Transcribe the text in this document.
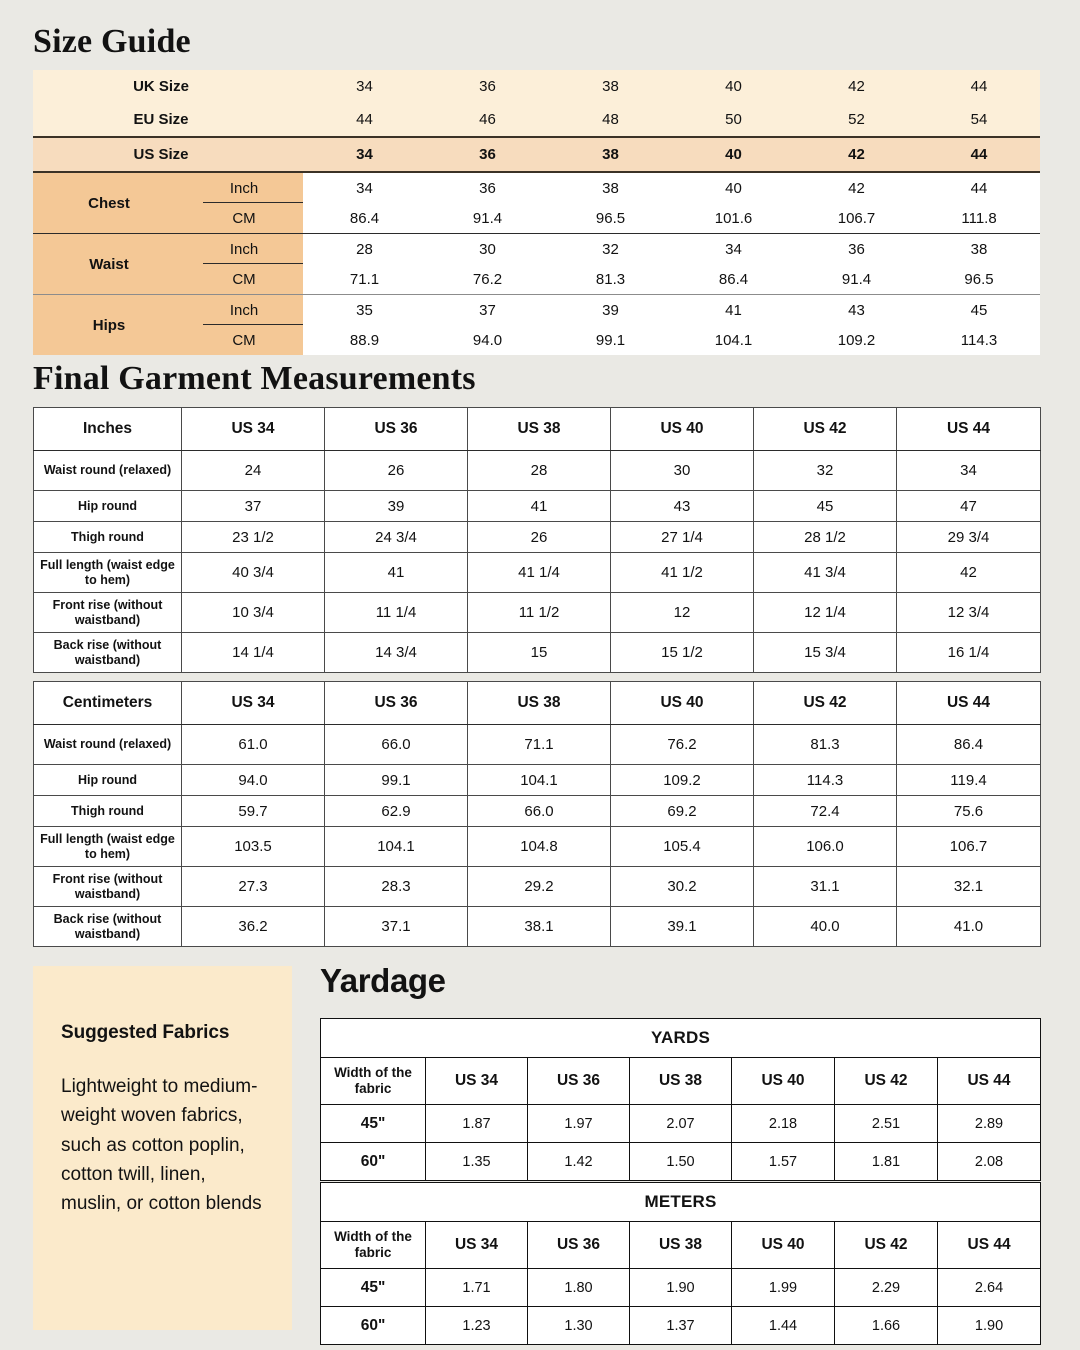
Size Guide
UK Size		34	36	38	40	42	44
EU Size		44	46	48	50	52	54
US Size		34	36	38	40	42	44
Chest	Inch	34	36	38	40	42	44
	CM	86.4	91.4	96.5	101.6	106.7	111.8
Waist	Inch	28	30	32	34	36	38
	CM	71.1	76.2	81.3	86.4	91.4	96.5
Hips	Inch	35	37	39	41	43	45
	CM	88.9	94.0	99.1	104.1	109.2	114.3
Final Garment Measurements
Inches	US 34	US 36	US 38	US 40	US 42	US 44
Waist round (relaxed)	24	26	28	30	32	34
Hip round	37	39	41	43	45	47
Thigh round	23 1/2	24 3/4	26	27 1/4	28 1/2	29 3/4
Full length (waist edge to hem)	40 3/4	41	41 1/4	41 1/2	41 3/4	42
Front rise (without waistband)	10 3/4	11 1/4	11 1/2	12	12 1/4	12 3/4
Back rise (without waistband)	14 1/4	14 3/4	15	15 1/2	15 3/4	16 1/4
Centimeters	US 34	US 36	US 38	US 40	US 42	US 44
Waist round (relaxed)	61.0	66.0	71.1	76.2	81.3	86.4
Hip round	94.0	99.1	104.1	109.2	114.3	119.4
Thigh round	59.7	62.9	66.0	69.2	72.4	75.6
Full length (waist edge to hem)	103.5	104.1	104.8	105.4	106.0	106.7
Front rise (without waistband)	27.3	28.3	29.2	30.2	31.1	32.1
Back rise (without waistband)	36.2	37.1	38.1	39.1	40.0	41.0
Suggested Fabrics
Lightweight to medium-weight woven fabrics, such as cotton poplin, cotton twill, linen, muslin, or cotton blends
Yardage
YARDS						
Width of the fabric	US 34	US 36	US 38	US 40	US 42	US 44
45"	1.87	1.97	2.07	2.18	2.51	2.89
60"	1.35	1.42	1.50	1.57	1.81	2.08
METERS						
Width of the fabric	US 34	US 36	US 38	US 40	US 42	US 44
45"	1.71	1.80	1.90	1.99	2.29	2.64
60"	1.23	1.30	1.37	1.44	1.66	1.90
